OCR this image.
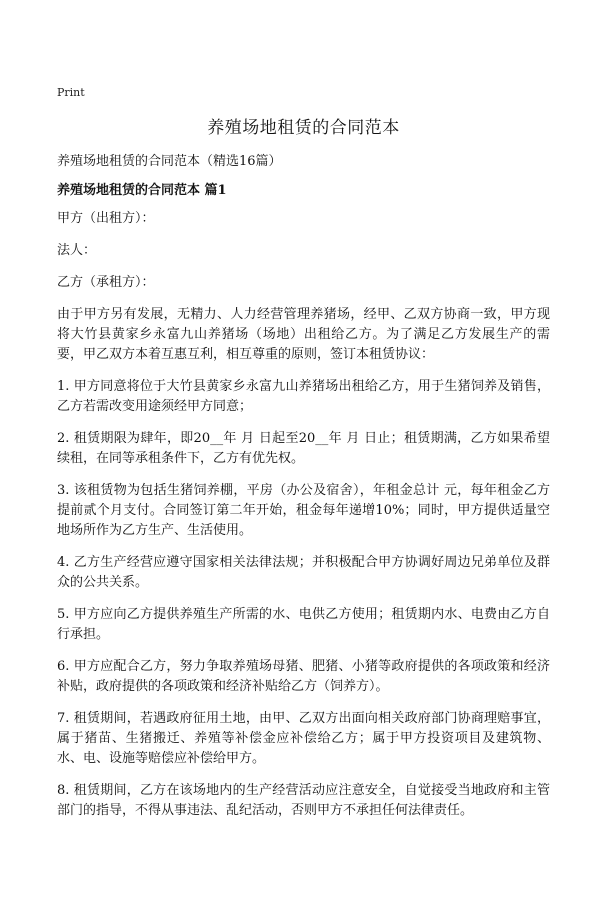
Print
养殖场地租赁的合同范本
养殖场地租赁的合同范本（精选16篇）
养殖场地租赁的合同范本 篇1
甲方（出租方）：
法人：
乙方（承租方）：

由于甲方另有发展，无精力、人力经营管理养猪场，经甲、乙双方协商一致，甲方现将大竹县黄家乡永富九山养猪场（场地）出租给乙方。为了满足乙方发展生产的需要，甲乙双方本着互惠互利，相互尊重的原则，签订本租赁协议：

1. 甲方同意将位于大竹县黄家乡永富九山养猪场出租给乙方，用于生猪饲养及销售，乙方若需改变用途须经甲方同意；

2. 租赁期限为肆年，即20__年 月 日起至20__年 月 日止；租赁期满，乙方如果希望续租，在同等承租条件下，乙方有优先权。

3. 该租赁物为包括生猪饲养棚，平房（办公及宿舍），年租金总计 元，每年租金乙方提前贰个月支付。合同签订第二年开始，租金每年递增10%；同时，甲方提供适量空地场所作为乙方生产、生活使用。

4. 乙方生产经营应遵守国家相关法律法规；并积极配合甲方协调好周边兄弟单位及群众的公共关系。

5. 甲方应向乙方提供养殖生产所需的水、电供乙方使用；租赁期内水、电费由乙方自行承担。

6. 甲方应配合乙方，努力争取养殖场母猪、肥猪、小猪等政府提供的各项政策和经济补贴，政府提供的各项政策和经济补贴给乙方（饲养方）。

7. 租赁期间，若遇政府征用土地，由甲、乙双方出面向相关政府部门协商理赔事宜，属于猪苗、生猪搬迁、养殖等补偿金应补偿给乙方；属于甲方投资项目及建筑物、水、电、设施等赔偿应补偿给甲方。

8. 租赁期间，乙方在该场地内的生产经营活动应注意安全，自觉接受当地政府和主管部门的指导，不得从事违法、乱纪活动，否则甲方不承担任何法律责任。
